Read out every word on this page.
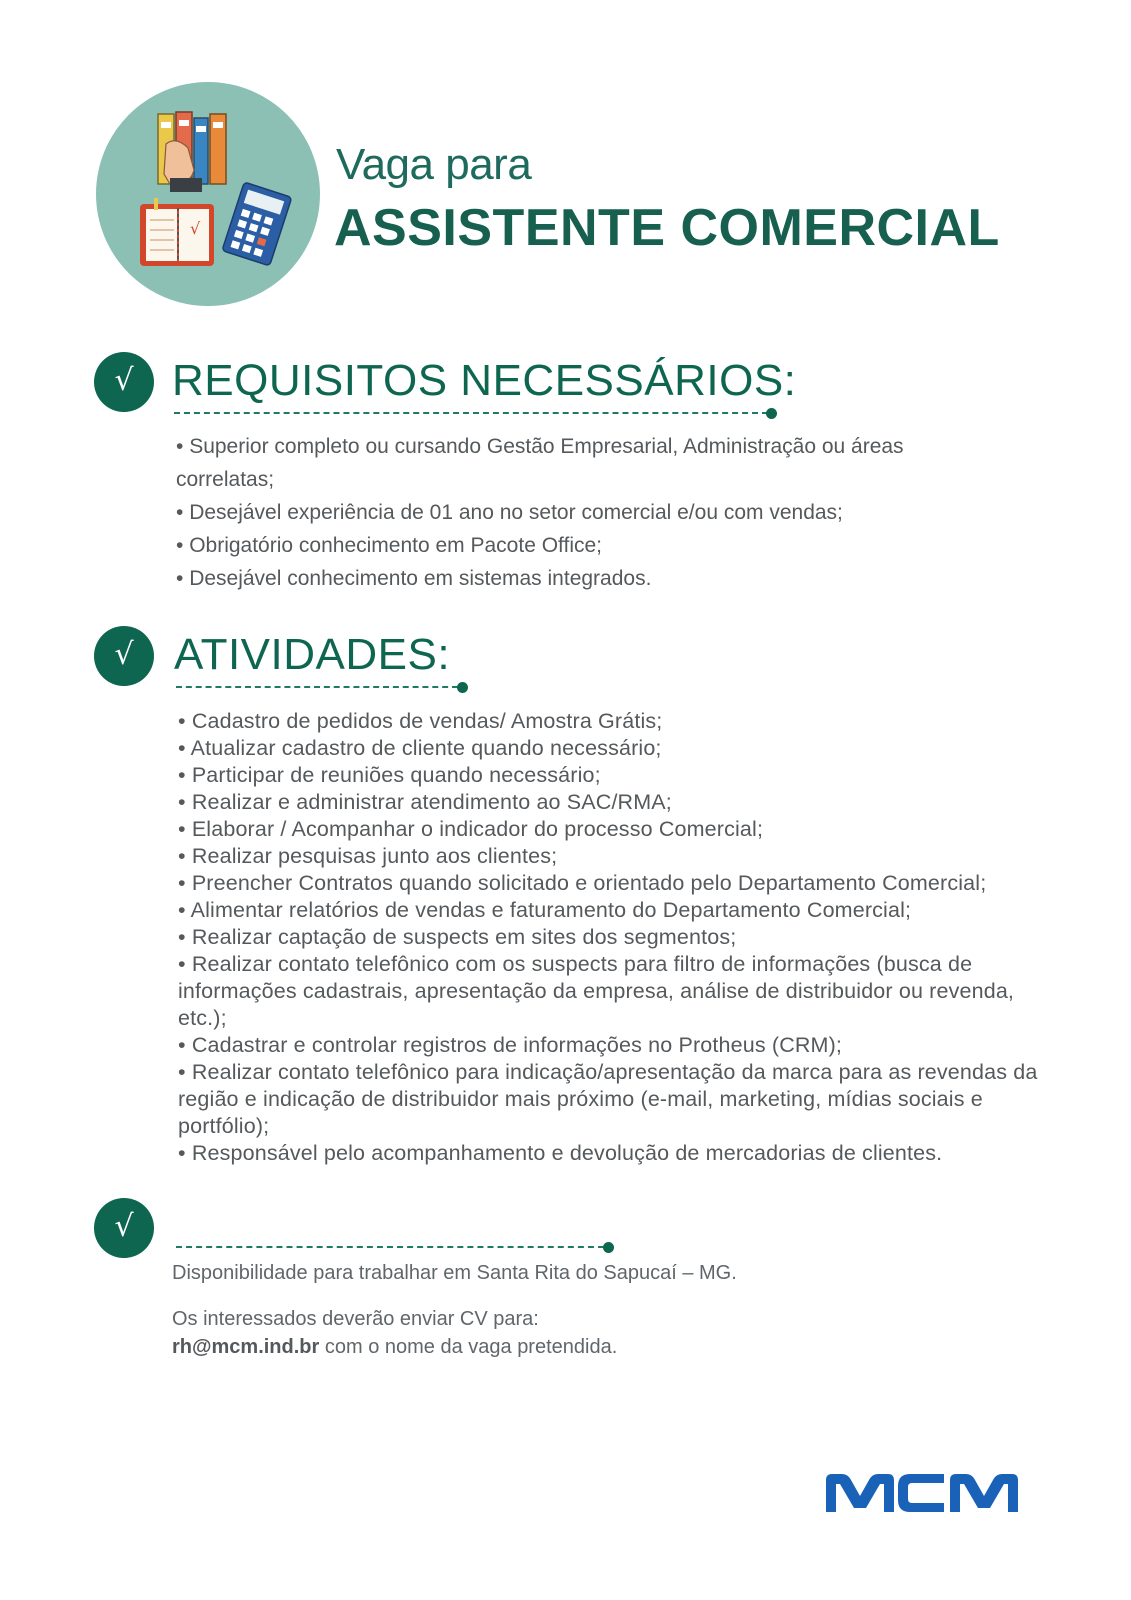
√
Vaga para
ASSISTENTE COMERCIAL
√ REQUISITOS NECESSÁRIOS:
• Superior completo ou cursando Gestão Empresarial, Administração ou áreas correlatas;
• Desejável experiência de 01 ano no setor comercial e/ou com vendas;
• Obrigatório conhecimento em Pacote Office;
• Desejável conhecimento em sistemas integrados.
√ ATIVIDADES:
• Cadastro de pedidos de vendas/ Amostra Grátis;
• Atualizar cadastro de cliente quando necessário;
• Participar de reuniões quando necessário;
• Realizar e administrar atendimento ao SAC/RMA;
• Elaborar / Acompanhar o indicador do processo Comercial;
• Realizar pesquisas junto aos clientes;
• Preencher Contratos quando solicitado e orientado pelo Departamento Comercial;
• Alimentar relatórios de vendas e faturamento do Departamento Comercial;
• Realizar captação de suspects em sites dos segmentos;
• Realizar contato telefônico com os suspects para filtro de informações (busca de informações cadastrais, apresentação da empresa, análise de distribuidor ou revenda, etc.);
• Cadastrar e controlar registros de informações no Protheus (CRM);
• Realizar contato telefônico para indicação/apresentação da marca para as revendas da região e indicação de distribuidor mais próximo (e-mail, marketing, mídias sociais e portfólio);
• Responsável pelo acompanhamento e devolução de mercadorias de clientes.
√
Disponibilidade para trabalhar em Santa Rita do Sapucaí – MG.
Os interessados deverão enviar CV para:
rh@mcm.ind.br com o nome da vaga pretendida.
